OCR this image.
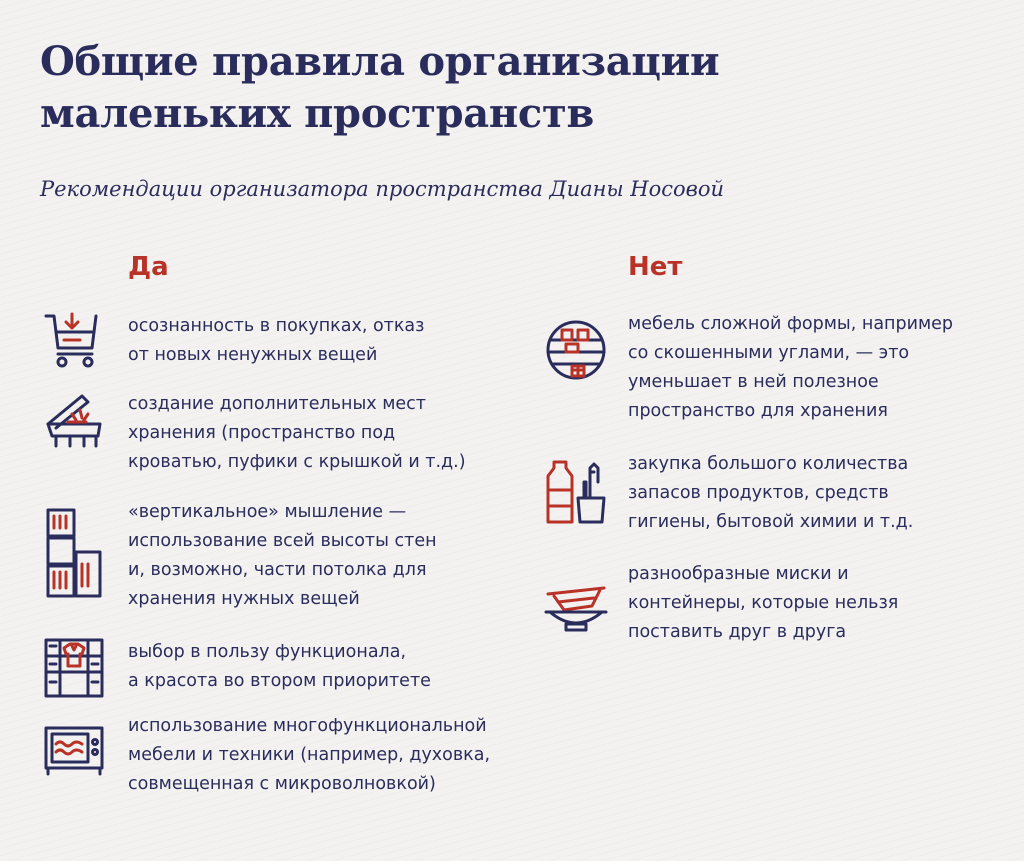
Общие правила организации
маленьких пространств

Рекомендации организатора пространства Дианы Носовой

Да	Нет

осознанность в покупках, отказ
от новых ненужных вещей

создание дополнительных мест
хранения (пространство под
кроватью, пуфики с крышкой и т.д.)

«вертикальное» мышление —
использование всей высоты стен
и, возможно, части потолка для
хранения нужных вещей

выбор в пользу функционала,
а красота во втором приоритете

использование многофункциональной
мебели и техники (например, духовка,
совмещенная с микроволновкой)

мебель сложной формы, например
со скошенными углами, — это
уменьшает в ней полезное
пространство для хранения

закупка большого количества
запасов продуктов, средств
гигиены, бытовой химии и т.д.

разнообразные миски и
контейнеры, которые нельзя
поставить друг в друга
